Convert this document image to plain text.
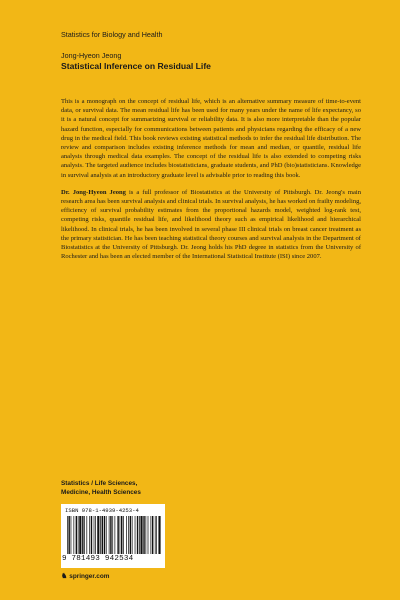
Statistics for Biology and Health
Jong-Hyeon Jeong
Statistical Inference on Residual Life

This is a monograph on the concept of residual life, which is an alternative summary measure of time-to-event data, or survival data. The mean residual life has been used for many years under the name of life expectancy, so it is a natural concept for summarizing survival or reliability data. It is also more interpretable than the popular hazard function, especially for communications between patients and physicians regarding the efficacy of a new drug in the medical field. This book reviews existing statistical methods to infer the residual life distribution. The review and comparison includes existing inference methods for mean and median, or quantile, residual life analysis through medical data examples. The concept of the residual life is also extended to competing risks analysis. The targeted audience includes biostatisticians, graduate students, and PhD (bio)statisticians. Knowledge in survival analysis at an introductory graduate level is advisable prior to reading this book.

Dr. Jong-Hyeon Jeong is a full professor of Biostatistics at the University of Pittsburgh. Dr. Jeong's main research area has been survival analysis and clinical trials. In survival analysis, he has worked on frailty modeling, efficiency of survival probability estimates from the proportional hazards model, weighted log-rank test, competing risks, quantile residual life, and likelihood theory such as empirical likelihood and hierarchical likelihood. In clinical trials, he has been involved in several phase III clinical trials on breast cancer treatment as the primary statistician. He has been teaching statistical theory courses and survival analysis in the Department of Biostatistics at the University of Pittsburgh. Dr. Jeong holds his PhD degree in statistics from the University of Rochester and has been an elected member of the International Statistical Institute (ISI) since 2007.

Statistics / Life Sciences,
Medicine, Health Sciences
ISBN 978-1-4939-4253-4
9 781493 942534
♞ springer.com
